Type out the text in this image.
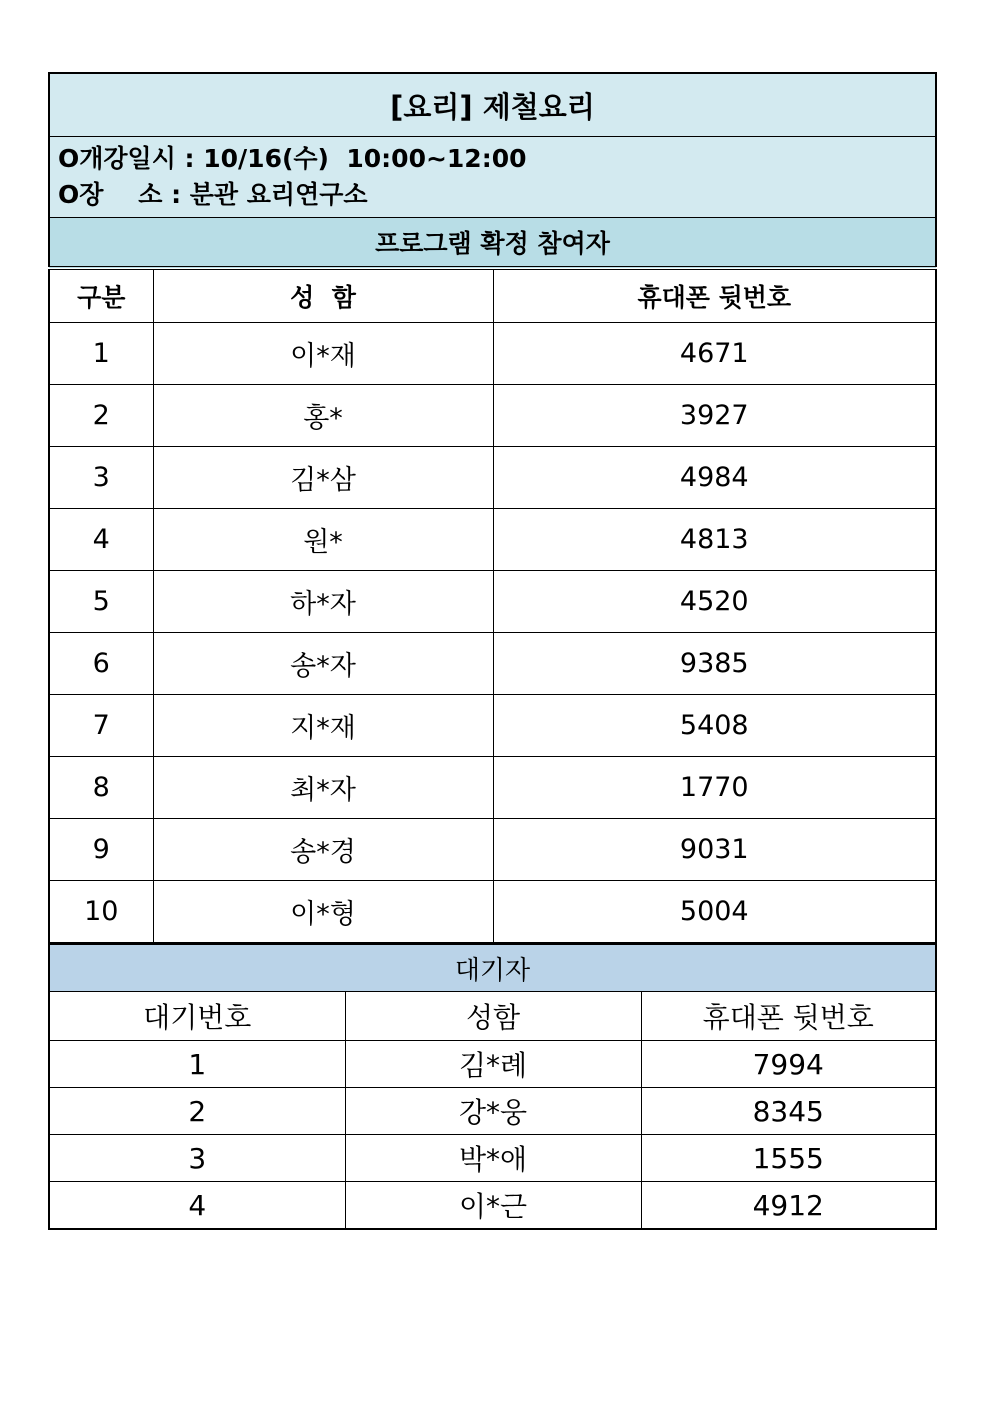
[요리] 제철요리		

O개강일시 : 10/16(수)  10:00~12:00
O장    소 : 분관 요리연구소		

프로그램 확정 참여자		
구분	성  함	휴대폰 뒷번호
1	이*재	4671
2	홍*	3927
3	김*삼	4984
4	원*	4813
5	하*자	4520
6	송*자	9385
7	지*재	5408
8	최*자	1770
9	송*경	9031
10	이*형	5004
대기자		
대기번호	성함	휴대폰 뒷번호
1	김*례	7994
2	강*웅	8345
3	박*애	1555
4	이*근	4912
